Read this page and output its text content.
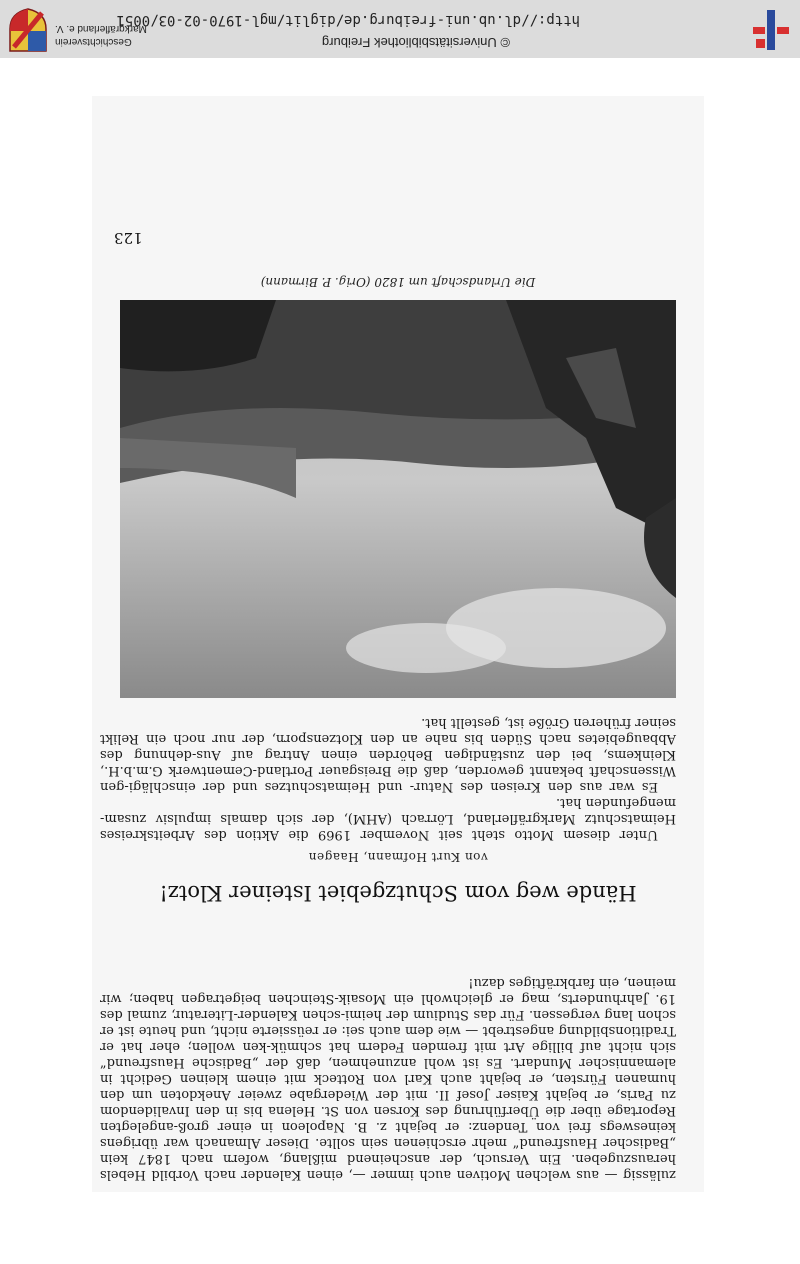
http://dl.ub.uni-freiburg.de/diglit/mgl-1970-02-03/0051
© Universitätsbibliothek Freiburg
Geschichtsverein
Markgräflerland e. V.

zulässig — aus welchen Motiven auch immer —, einen Kalender nach Vorbild Hebels herauszugeben. Ein Versuch, der anscheinend mißlang, wofern nach 1847 kein „Badischer Hausfreund“ mehr erschienen sein sollte. Dieser Almanach war übrigens keineswegs frei von Tendenz: er bejaht z. B. Napoleon in einer groß-angelegten Reportage über die Überführung des Korsen von St. Helena bis in den Invalidendom zu Paris, er bejaht Kaiser Josef II. mit der Wiedergabe zweier Anekdoten um den humanen Fürsten, er bejaht auch Karl von Rotteck mit einem kleinen Gedicht in alemannischer Mundart. Es ist wohl anzunehmen, daß der „Badische Hausfreund“ sich nicht auf billige Art mit fremden Federn hat schmük-ken wollen; eher hat er Traditionsbildung angestrebt — wie dem auch sei: er reüssierte nicht, und heute ist er schon lang vergessen. Für das Studium der heimi-schen Kalender-Literatur, zumal des 19. Jahrhunderts, mag er gleichwohl ein Mosaik-Steinchen beigetragen haben; wir meinen, ein farbkräftiges dazu!

Hände weg vom Schutzgebiet Isteiner Klotz!
von Kurt Hofmann, Haagen

Unter diesem Motto steht seit November 1969 die Aktion des Arbeitskreises Heimatschutz Markgräflerland, Lörrach (AHM), der sich damals impulsiv zusam-mengefunden hat.

Es war aus den Kreisen des Natur- und Heimatschutzes und der einschlägi-gen Wissenschaft bekannt geworden, daß die Breisgauer Portland-Cementwerk G.m.b.H., Kleinkems, bei den zuständigen Behörden einen Antrag auf Aus-dehnung des Abbaugebietes nach Süden bis nahe an den Klotzensporn, der nur noch ein Relikt seiner früheren Größe ist, gestellt hat.

Die Urlandschaft um 1820 (Orig. P. Birmann)
123
